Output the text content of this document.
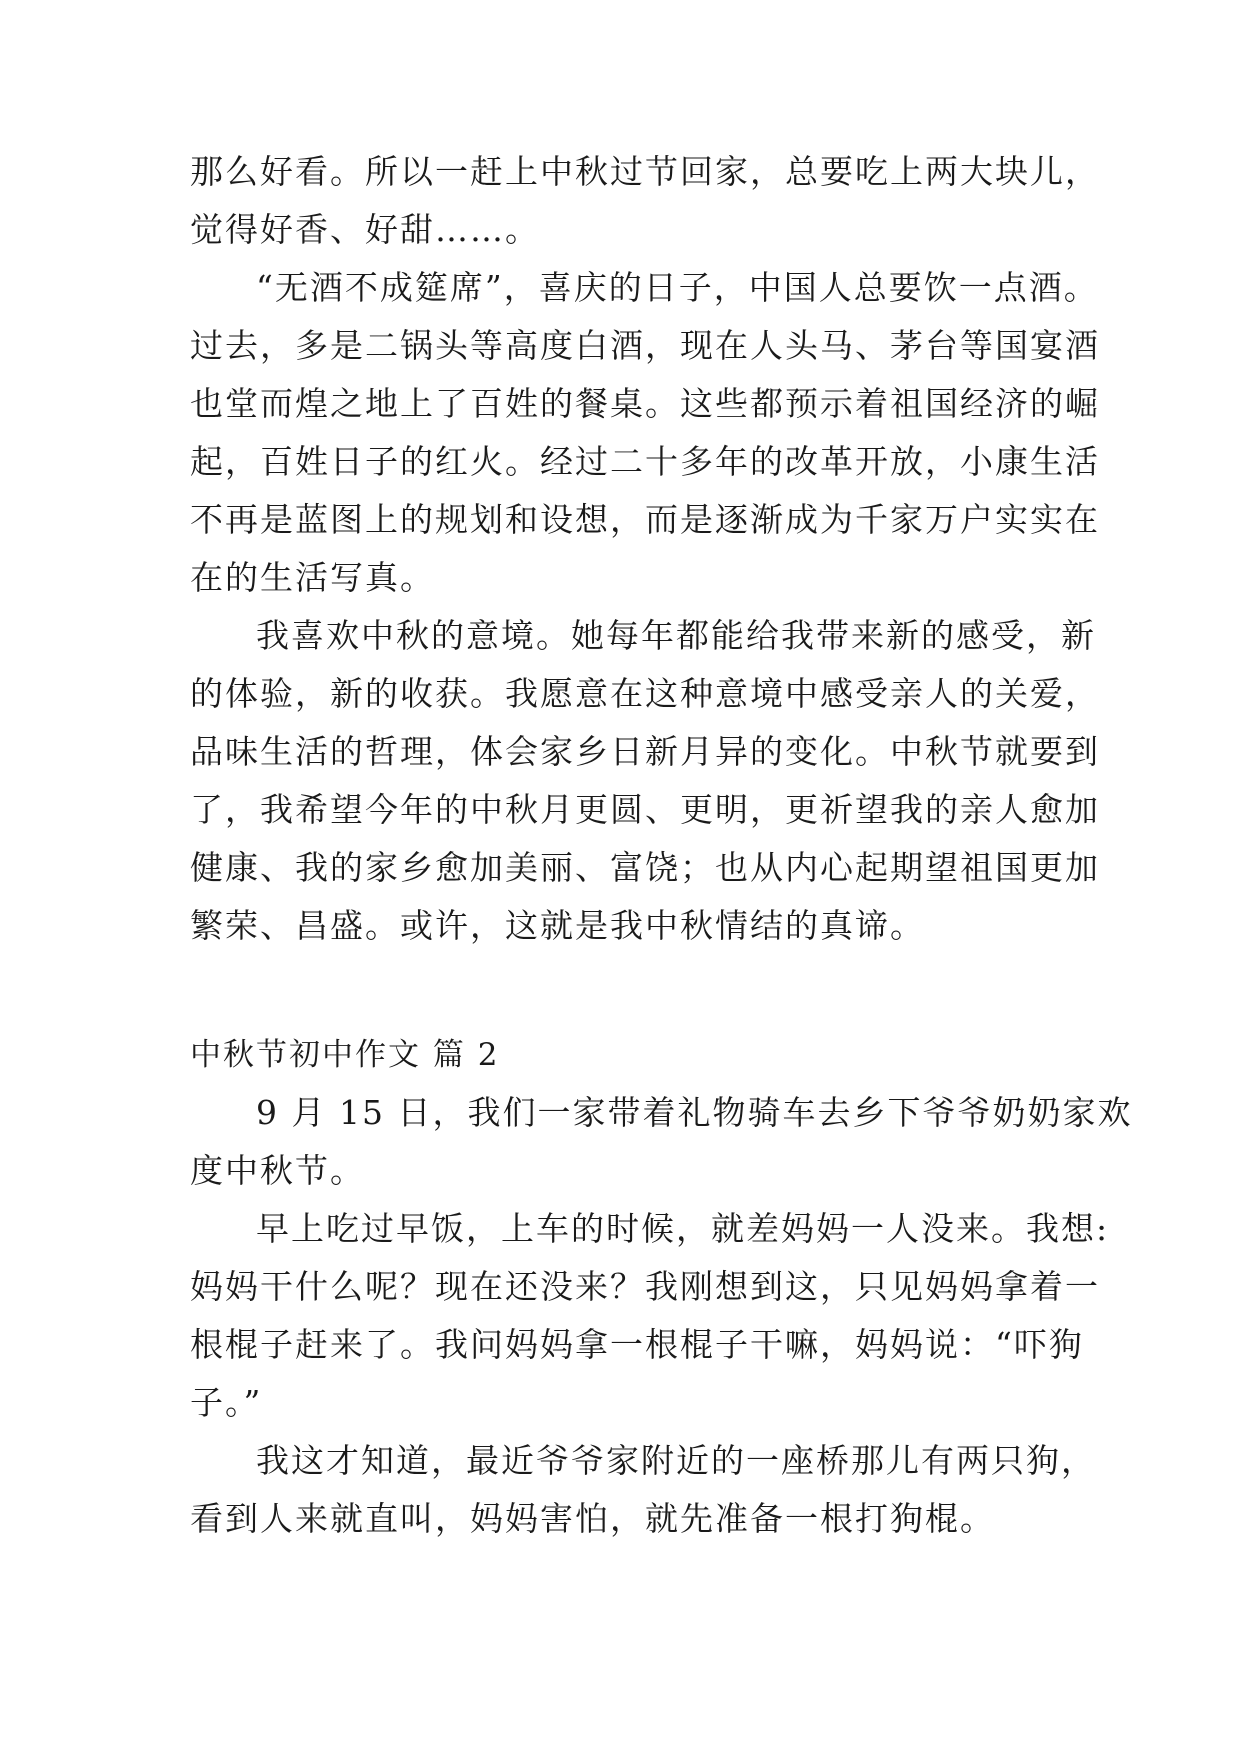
那么好看。所以一赶上中秋过节回家，总要吃上两大块儿，
觉得好香、好甜……。
“无酒不成筵席”，喜庆的日子，中国人总要饮一点酒。
过去，多是二锅头等高度白酒，现在人头马、茅台等国宴酒
也堂而煌之地上了百姓的餐桌。这些都预示着祖国经济的崛
起，百姓日子的红火。经过二十多年的改革开放，小康生活
不再是蓝图上的规划和设想，而是逐渐成为千家万户实实在
在的生活写真。
我喜欢中秋的意境。她每年都能给我带来新的感受，新
的体验，新的收获。我愿意在这种意境中感受亲人的关爱，
品味生活的哲理，体会家乡日新月异的变化。中秋节就要到
了，我希望今年的中秋月更圆、更明，更祈望我的亲人愈加
健康、我的家乡愈加美丽、富饶；也从内心起期望祖国更加
繁荣、昌盛。或许，这就是我中秋情结的真谛。
中秋节初中作文 篇 2
9 月 15 日，我们一家带着礼物骑车去乡下爷爷奶奶家欢
度中秋节。
早上吃过早饭，上车的时候，就差妈妈一人没来。我想:
妈妈干什么呢？现在还没来？我刚想到这，只见妈妈拿着一
根棍子赶来了。我问妈妈拿一根棍子干嘛，妈妈说：“吓狗
子。”
我这才知道，最近爷爷家附近的一座桥那儿有两只狗，
看到人来就直叫，妈妈害怕，就先准备一根打狗棍。
